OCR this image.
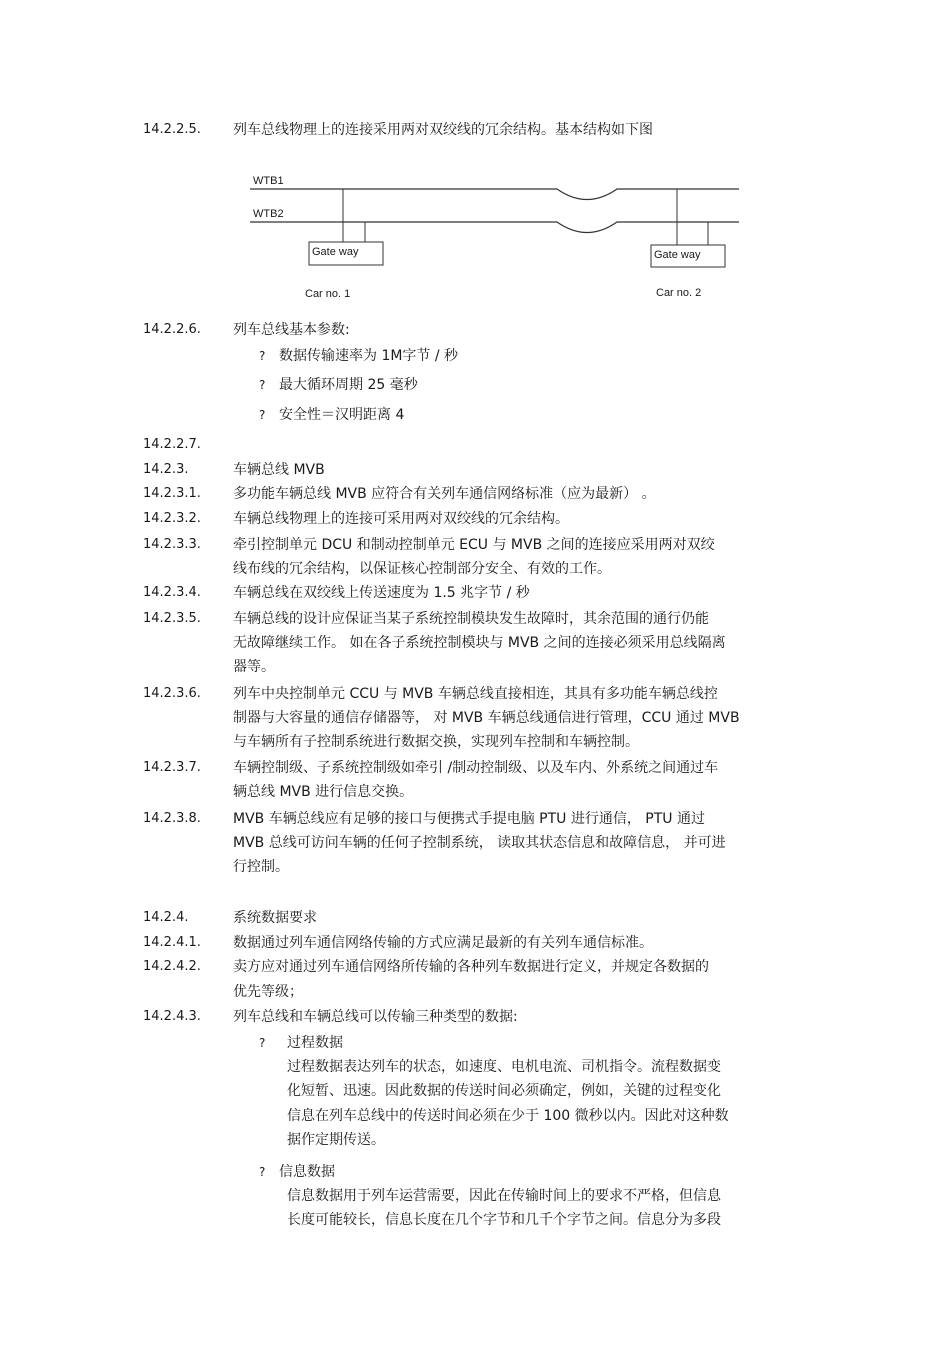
14.2.2.5. 列车总线物理上的连接采用两对双绞线的冗余结构。基本结构如下图
WTB1
WTB2
Gate way	Gate way
Car no. 1	Car no. 2
14.2.2.6. 列车总线基本参数:
? 数据传输速率为 1M字节 / 秒
? 最大循环周期 25 毫秒
? 安全性＝汉明距离 4
14.2.2.7.
14.2.3.	车辆总线 MVB
14.2.3.1. 多功能车辆总线 MVB 应符合有关列车通信网络标准（应为最新） 。
14.2.3.2. 车辆总线物理上的连接可采用两对双绞线的冗余结构。
14.2.3.3. 牵引控制单元 DCU 和制动控制单元 ECU 与 MVB 之间的连接应采用两对双绞
线布线的冗余结构，以保证核心控制部分安全、有效的工作。
14.2.3.4. 车辆总线在双绞线上传送速度为 1.5 兆字节 / 秒
14.2.3.5. 车辆总线的设计应保证当某子系统控制模块发生故障时，其余范围的通行仍能
无故障继续工作。 如在各子系统控制模块与 MVB 之间的连接必须采用总线隔离
器等。
14.2.3.6. 列车中央控制单元 CCU 与 MVB 车辆总线直接相连，其具有多功能车辆总线控
制器与大容量的通信存储器等， 对 MVB 车辆总线通信进行管理，CCU 通过 MVB
与车辆所有子控制系统进行数据交换，实现列车控制和车辆控制。
14.2.3.7. 车辆控制级、子系统控制级如牵引 /制动控制级、以及车内、外系统之间通过车
辆总线 MVB 进行信息交换。
14.2.3.8. MVB 车辆总线应有足够的接口与便携式手提电脑 PTU 进行通信， PTU 通过
MVB 总线可访问车辆的任何子控制系统， 读取其状态信息和故障信息， 并可进
行控制。
14.2.4.	系统数据要求
14.2.4.1. 数据通过列车通信网络传输的方式应满足最新的有关列车通信标准。
14.2.4.2. 卖方应对通过列车通信网络所传输的各种列车数据进行定义，并规定各数据的
优先等级；
14.2.4.3. 列车总线和车辆总线可以传输三种类型的数据:
? 过程数据
过程数据表达列车的状态，如速度、电机电流、司机指令。流程数据变
化短暂、迅速。因此数据的传送时间必须确定，例如，关键的过程变化
信息在列车总线中的传送时间必须在少于 100 微秒以内。因此对这种数
据作定期传送。
? 信息数据
信息数据用于列车运营需要，因此在传输时间上的要求不严格，但信息
长度可能较长，信息长度在几个字节和几千个字节之间。信息分为多段
